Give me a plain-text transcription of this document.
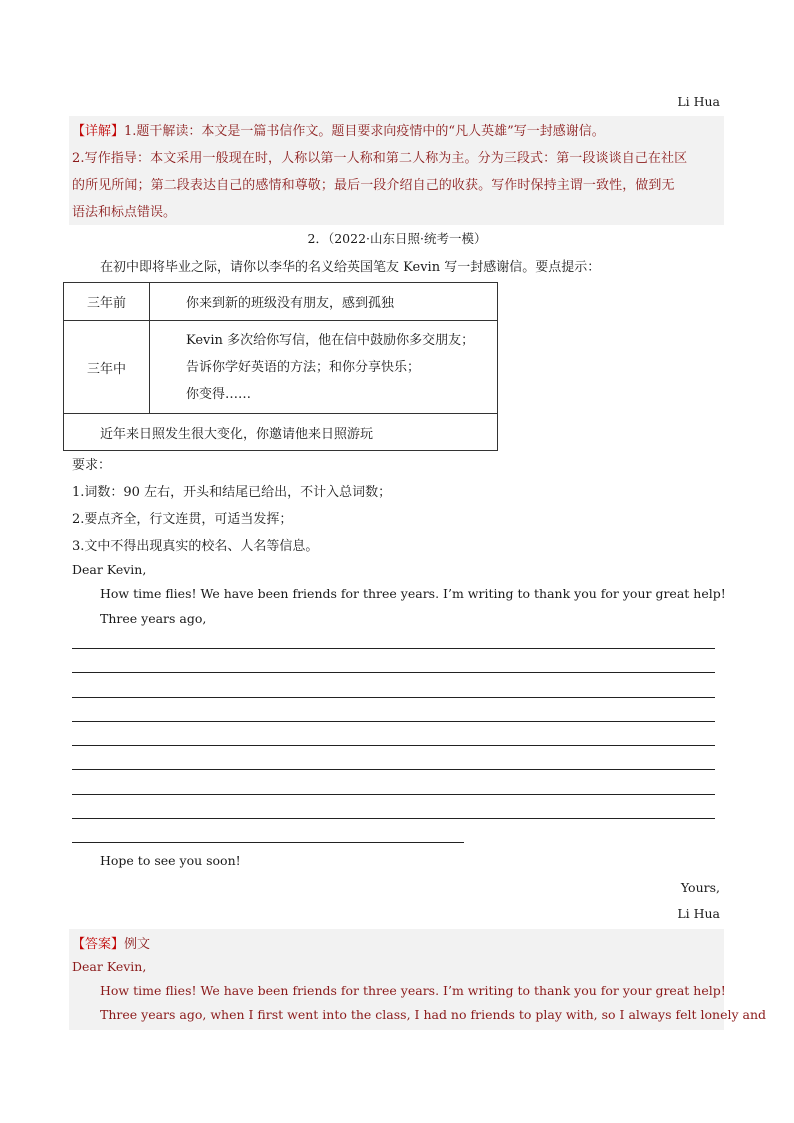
Li Hua
【详解】1.题干解读：本文是一篇书信作文。题目要求向疫情中的“凡人英雄”写一封感谢信。
2.写作指导：本文采用一般现在时，人称以第一人称和第二人称为主。分为三段式：第一段谈谈自己在社区
的所见所闻；第二段表达自己的感情和尊敬；最后一段介绍自己的收获。写作时保持主谓一致性，做到无
语法和标点错误。
2．（2022·山东日照·统考一模）
在初中即将毕业之际，请你以李华的名义给英国笔友 Kevin 写一封感谢信。要点提示：
三年前	你来到新的班级没有朋友，感到孤独
三年中	Kevin 多次给你写信，他在信中鼓励你多交朋友；
告诉你学好英语的方法；和你分享快乐；
你变得……

近年来日照发生很大变化，你邀请他来日照游玩	
要求：
1.词数：90 左右，开头和结尾已给出，不计入总词数；
2.要点齐全，行文连贯，可适当发挥；
3.文中不得出现真实的校名、人名等信息。
Dear Kevin,
How time flies! We have been friends for three years. I’m writing to thank you for your great help!
Three years ago,
Hope to see you soon!
Yours,
Li Hua
【答案】例文
Dear Kevin,
How time flies! We have been friends for three years. I’m writing to thank you for your great help!
Three years ago, when I first went into the class, I had no friends to play with, so I always felt lonely and
